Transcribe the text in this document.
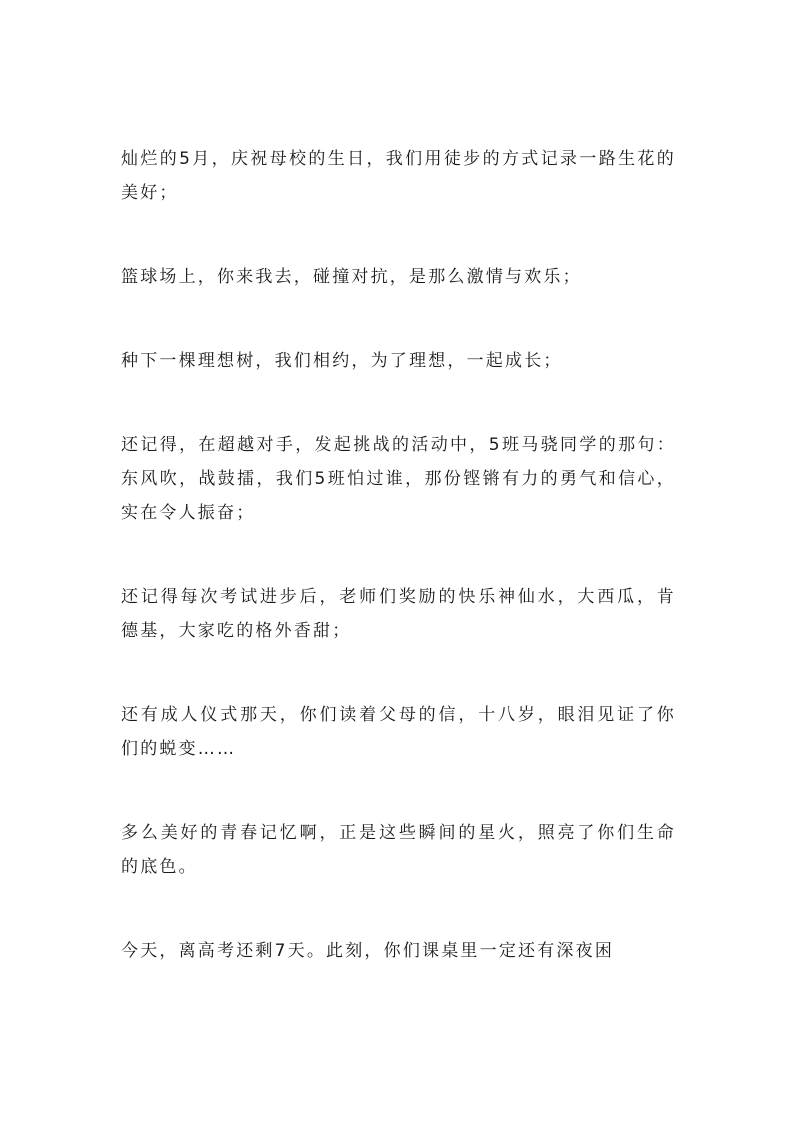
灿烂的5月，庆祝母校的生日，我们用徒步的方式记录一路生花的美好；

篮球场上，你来我去，碰撞对抗，是那么激情与欢乐；

种下一棵理想树，我们相约，为了理想，一起成长；

还记得，在超越对手，发起挑战的活动中，5班马骁同学的那句：东风吹，战鼓擂，我们5班怕过谁，那份铿锵有力的勇气和信心，实在令人振奋；

还记得每次考试进步后，老师们奖励的快乐神仙水，大西瓜，肯德基，大家吃的格外香甜；

还有成人仪式那天，你们读着父母的信，十八岁，眼泪见证了你们的蜕变……

多么美好的青春记忆啊，正是这些瞬间的星火，照亮了你们生命的底色。

今天，离高考还剩7天。此刻，你们课桌里一定还有深夜困
